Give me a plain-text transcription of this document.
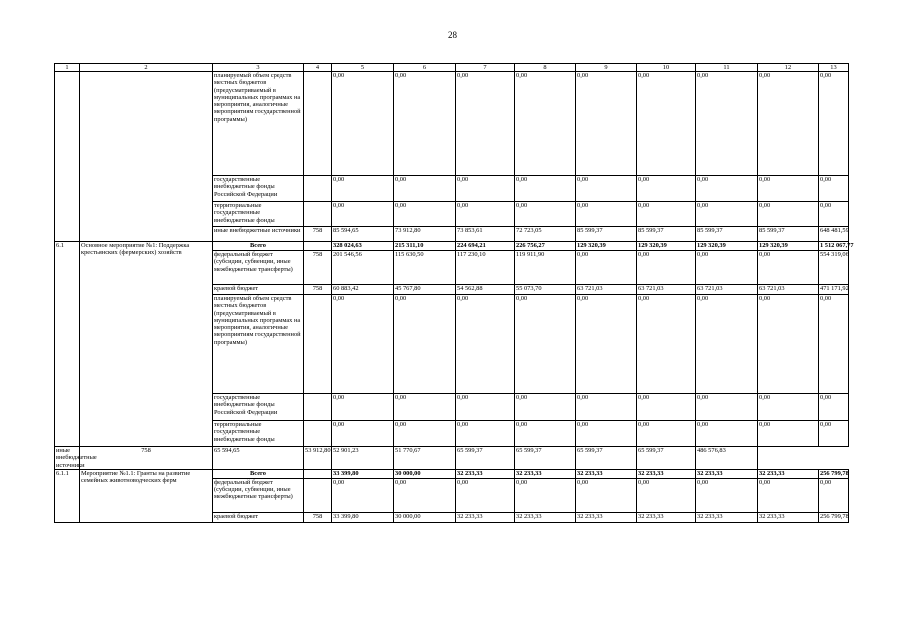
28
1	2	3	4	5	6	7	8	9	10	11	12	13
		планируемый объем средств местных бюджетов (предусматриваемый в муниципальных программах на мероприятия, аналогичные мероприятиям государственной программы)		0,00	0,00	0,00	0,00	0,00	0,00	0,00	0,00	0,00
		государственные внебюджетные фонды Российской Федерации		0,00	0,00	0,00	0,00	0,00	0,00	0,00	0,00	0,00
		территориальные государственные внебюджетные фонды		0,00	0,00	0,00	0,00	0,00	0,00	0,00	0,00	0,00
		иные внебюджетные источники	758	85 594,65	73 912,80	73 853,61	72 723,05	85 599,37	85 599,37	85 599,37	85 599,37	648 481,59
6.1	Основное мероприятие №1: Поддержка крестьянских (фермерских) хозяйств	Всего		328 024,63	215 311,10	224 694,21	226 756,27	129 320,39	129 320,39	129 320,39	129 320,39	1 512 067,77
		федеральный бюджет (субсидии, субвенции, иные межбюджетные трансферты)	758	201 546,56	115 630,50	117 230,10	119 911,90	0,00	0,00	0,00	0,00	554 319,06
		краевой бюджет	758	60 883,42	45 767,80	54 562,88	55 073,70	63 721,03	63 721,03	63 721,03	63 721,03	471 171,92
		планируемый объем средств местных бюджетов (предусматриваемый в муниципальных программах на мероприятия, аналогичные мероприятиям государственной программы)		0,00	0,00	0,00	0,00	0,00	0,00	0,00	0,00	0,00
		государственные внебюджетные фонды Российской Федерации		0,00	0,00	0,00	0,00	0,00	0,00	0,00	0,00	0,00
		территориальные государственные внебюджетные фонды		0,00	0,00	0,00	0,00	0,00	0,00	0,00	0,00	0,00
иные внебюджетные источники	758	65 594,65	53 912,80	52 901,23	51 770,67	65 599,37	65 599,37	65 599,37	65 599,37	486 576,83		
6.1.1	Мероприятие №1.1: Гранты на развитие семейных животноводческих ферм	Всего		33 399,80	30 000,00	32 233,33	32 233,33	32 233,33	32 233,33	32 233,33	32 233,33	256 799,78
		федеральный бюджет (субсидии, субвенции, иные межбюджетные трансферты)		0,00	0,00	0,00	0,00	0,00	0,00	0,00	0,00	0,00
		краевой бюджет	758	33 399,80	30 000,00	32 233,33	32 233,33	32 233,33	32 233,33	32 233,33	32 233,33	256 799,78
